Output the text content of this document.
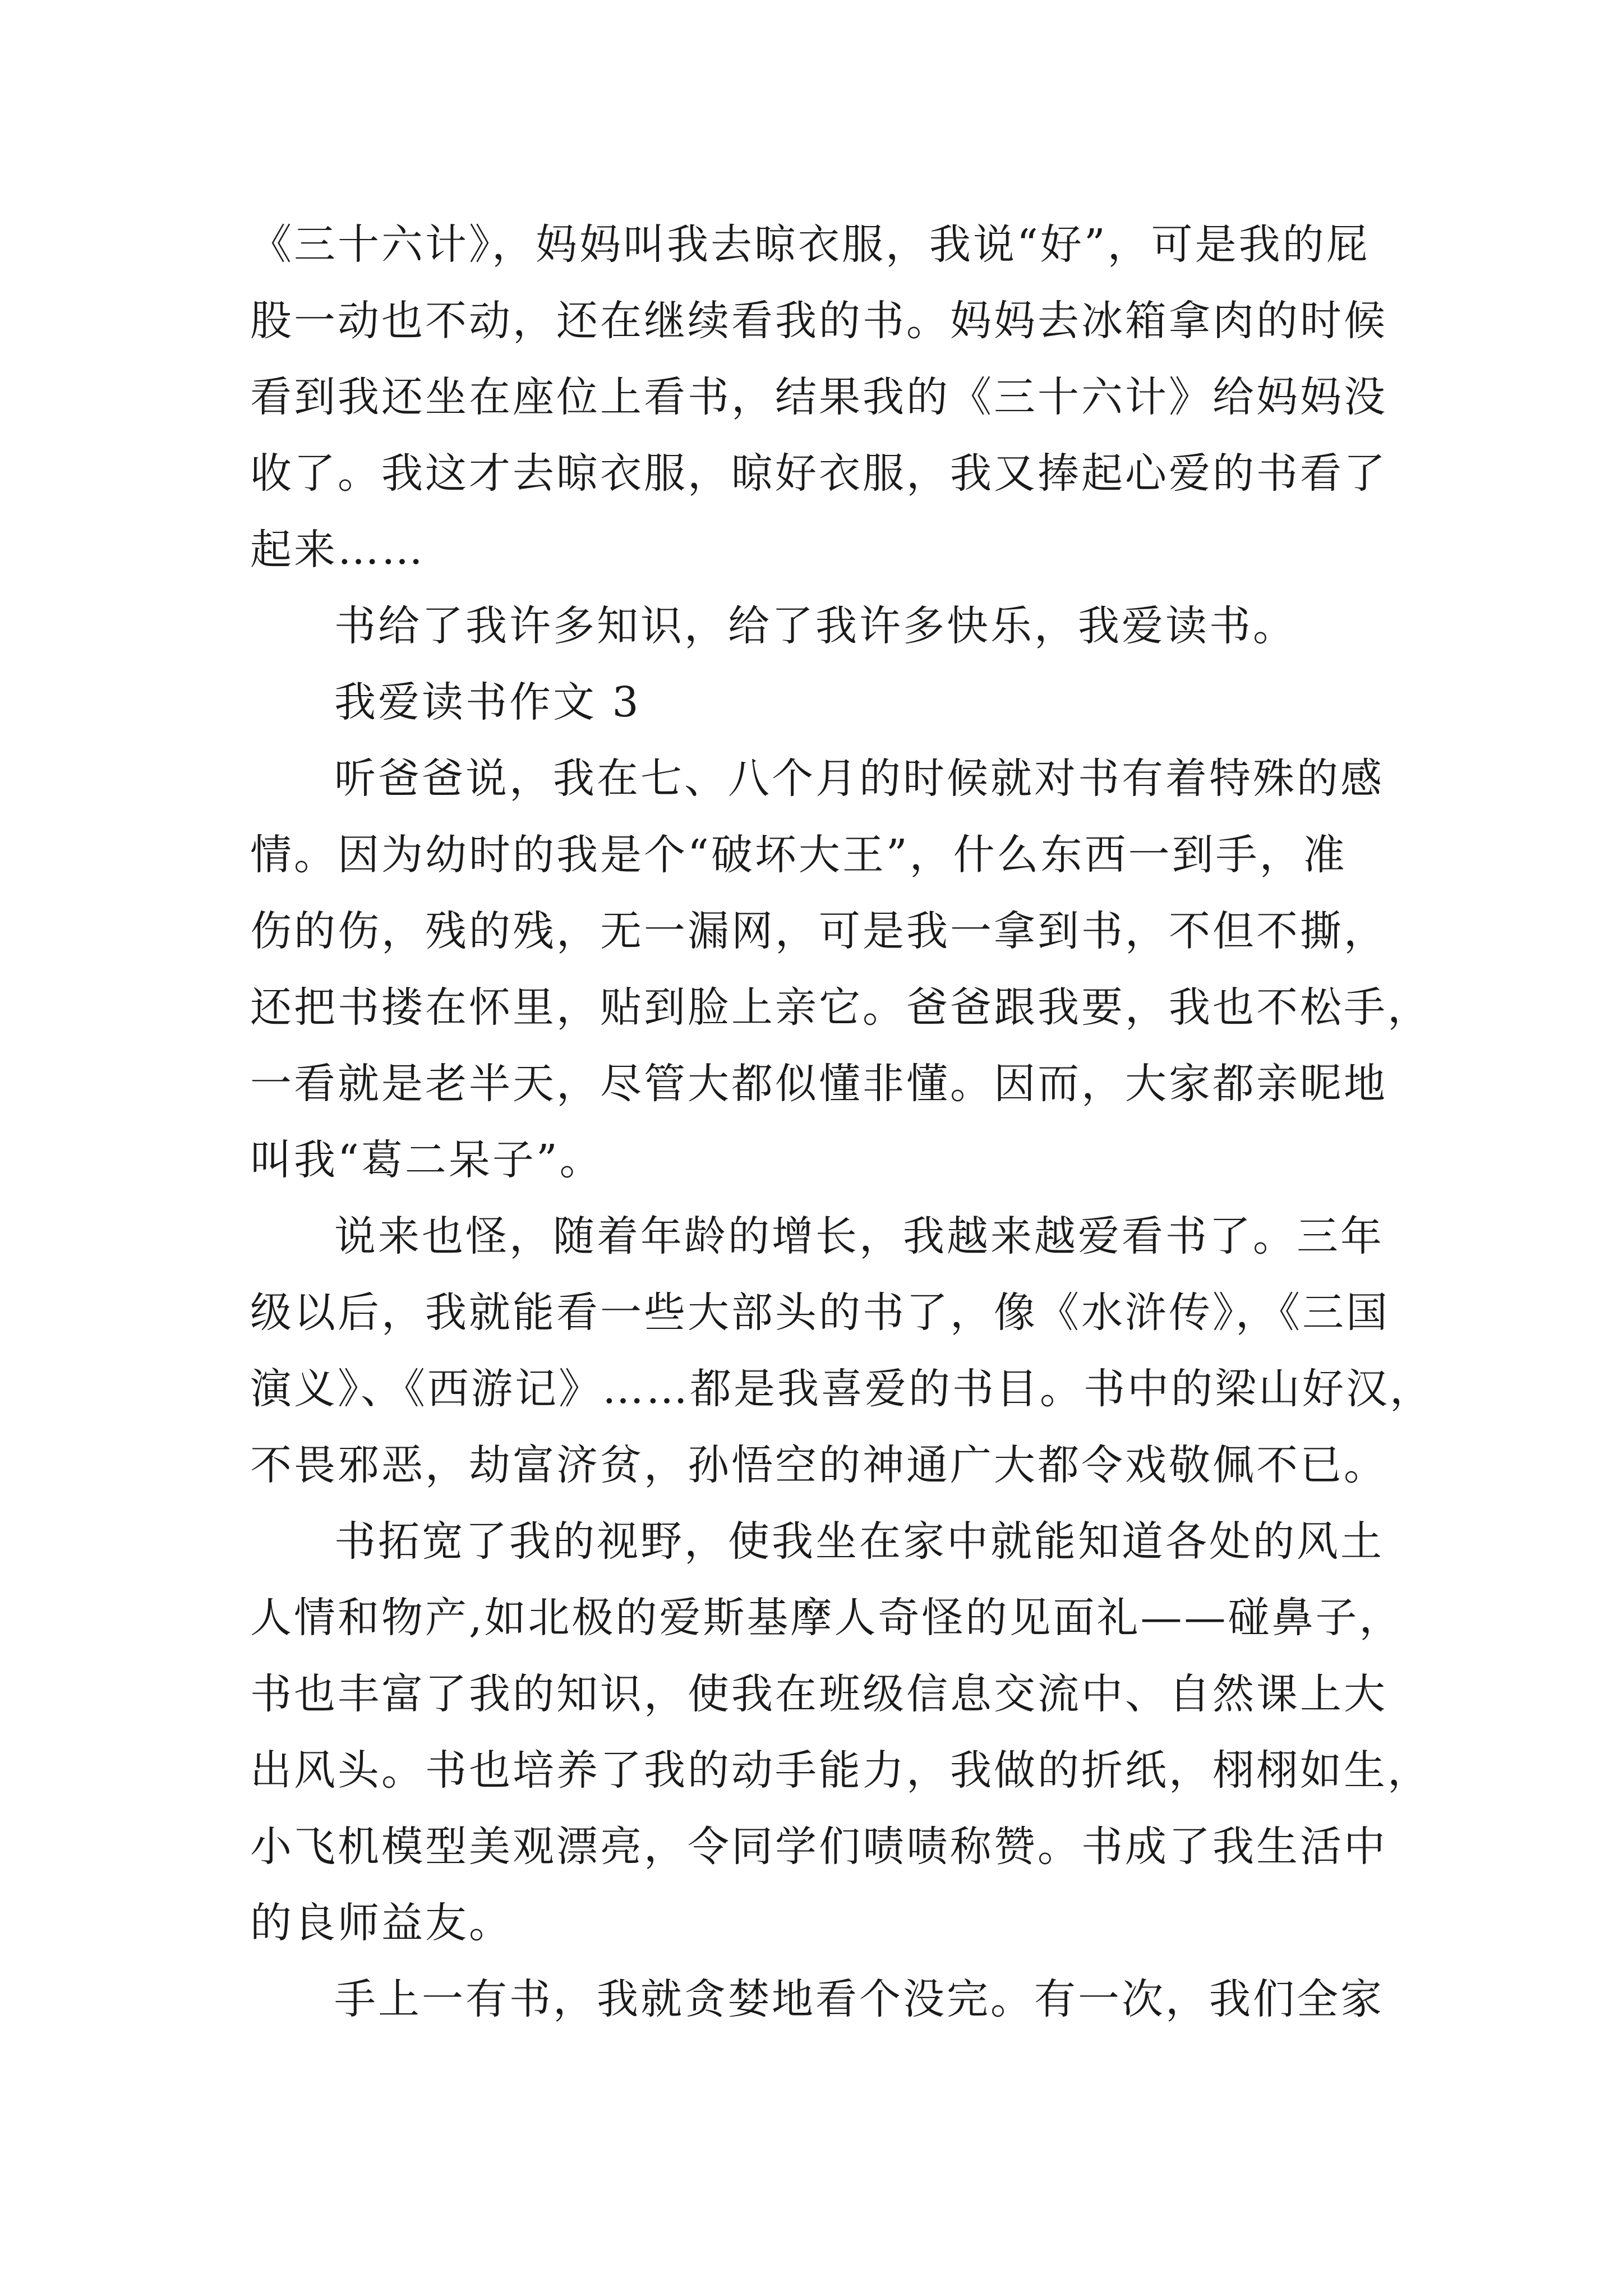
《三十六计》，妈妈叫我去晾衣服，我说“好”，可是我的屁
股一动也不动，还在继续看我的书。妈妈去冰箱拿肉的时候
看到我还坐在座位上看书，结果我的《三十六计》给妈妈没
收了。我这才去晾衣服，晾好衣服，我又捧起心爱的书看了
起来……
书给了我许多知识，给了我许多快乐，我爱读书。
我爱读书作文 3
听爸爸说，我在七、八个月的时候就对书有着特殊的感
情。因为幼时的我是个“破坏大王”，什么东西一到手，准
伤的伤，残的残，无一漏网，可是我一拿到书，不但不撕，
还把书搂在怀里，贴到脸上亲它。爸爸跟我要，我也不松手，
一看就是老半天，尽管大都似懂非懂。因而，大家都亲昵地
叫我“葛二呆子”。
说来也怪，随着年龄的增长，我越来越爱看书了。三年
级以后，我就能看一些大部头的书了，像《水浒传》，《三国
演义》、《西游记》……都是我喜爱的书目。书中的梁山好汉，
不畏邪恶，劫富济贫，孙悟空的神通广大都令戏敬佩不已。
书拓宽了我的视野，使我坐在家中就能知道各处的风土
人情和物产,如北极的爱斯基摩人奇怪的见面礼——碰鼻子，
书也丰富了我的知识，使我在班级信息交流中、自然课上大
出风头。书也培养了我的动手能力，我做的折纸，栩栩如生，
小飞机模型美观漂亮，令同学们啧啧称赞。书成了我生活中
的良师益友。
手上一有书，我就贪婪地看个没完。有一次，我们全家
